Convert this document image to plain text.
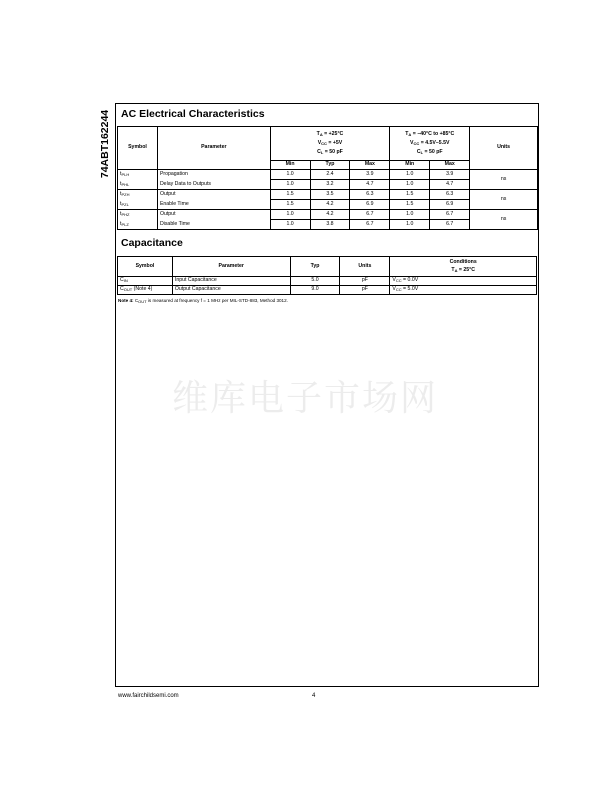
74ABT162244 AC Electrical Characteristics
Symbol	Parameter	$T_A = +25^\circ C$
$V_{CC} = +5V$
$C_L = 50$ pF			$T_A = -40^\circ C$ to +85°C
$V_{CC} = 4.5V-5.5V$
$C_L = 50$ pF		Units
		Min	Typ	Max	Min	Max	
$t_{PLH}$	Propagation	1.0	2.4	3.9	1.0	3.9	ns
$t_{PHL}$	Delay Data to Outputs	1.0	3.2	4.7	1.0	4.7	
$t_{PZH}$	Output	1.5	3.5	6.3	1.5	6.3	ns
$t_{PZL}$	Enable Time	1.5	4.2	6.9	1.5	6.9	
$t_{PHZ}$	Output	1.0	4.2	6.7	1.0	6.7	ns
$t_{PLZ}$	Disable Time	1.0	3.8	6.7	1.0	6.7	
Capacitance
Symbol	Parameter	Typ	Units	Conditions
$T_A = 25^\circ C$

$C_{IN}$	Input Capacitance	5.0	pF	$V_{CC} = 0.0V$
$C_{OUT}$ (Note 4)	Output Capacitance	9.0	pF	$V_{CC} = 5.0V$
Note 4: $C_{OUT}$ is measured at frequency f = 1 MHz per MIL-STD-883, Method 3012.
维库电子市场网
www.fairchildsemi.com	4
